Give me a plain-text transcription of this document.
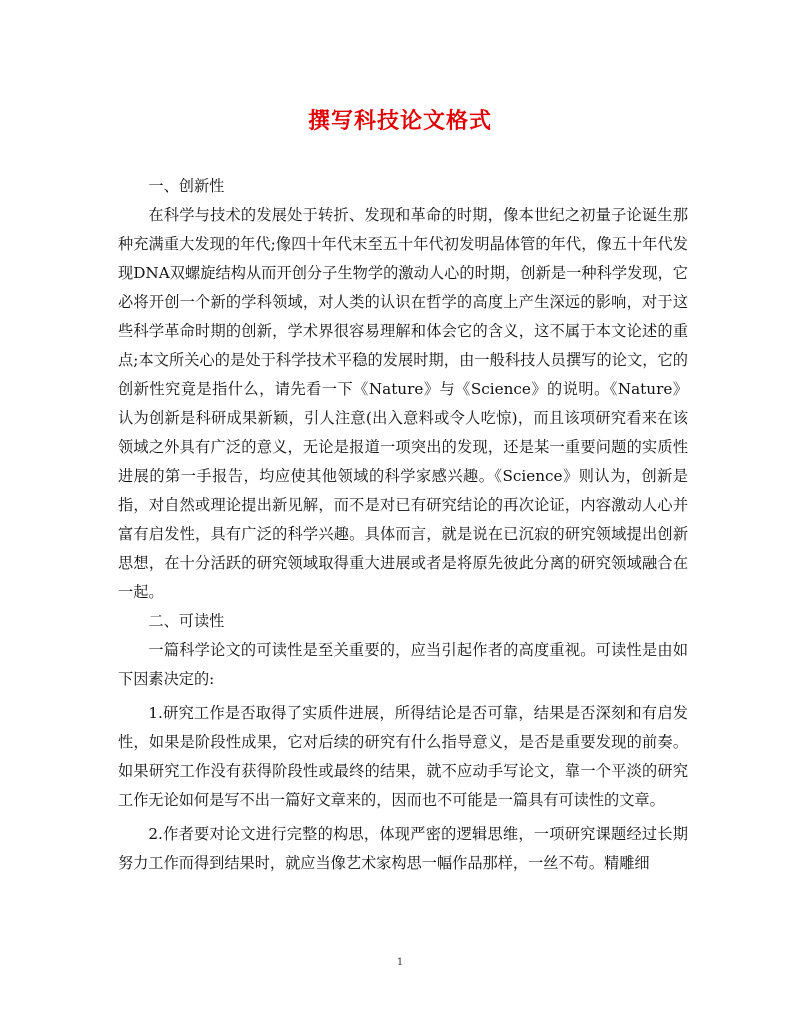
撰写科技论文格式

一、创新性

在科学与技术的发展处于转折、发现和革命的时期，像本世纪之初量子论诞生那种充满重大发现的年代;像四十年代末至五十年代初发明晶体管的年代，像五十年代发现DNA双螺旋结构从而开创分子生物学的激动人心的时期，创新是一种科学发现，它必将开创一个新的学科领域，对人类的认识在哲学的高度上产生深远的影响，对于这些科学革命时期的创新，学术界很容易理解和体会它的含义，这不属于本文论述的重点;本文所关心的是处于科学技术平稳的发展时期，由一般科技人员撰写的论文，它的创新性究竟是指什么，请先看一下《Nature》与《Science》的说明。《Nature》认为创新是科研成果新颖，引人注意(出入意料或令人吃惊)，而且该项研究看来在该领域之外具有广泛的意义，无论是报道一项突出的发现，还是某一重要问题的实质性进展的第一手报告，均应使其他领域的科学家感兴趣。《Science》则认为，创新是指，对自然或理论提出新见解，而不是对已有研究结论的再次论证，内容激动人心并富有启发性，具有广泛的科学兴趣。具体而言，就是说在已沉寂的研究领域提出创新思想，在十分活跃的研究领域取得重大进展或者是将原先彼此分离的研究领域融合在一起。

二、可读性

一篇科学论文的可读性是至关重要的，应当引起作者的高度重视。可读性是由如下因素决定的:

1.研究工作是否取得了实质件进展，所得结论是否可靠，结果是否深刻和有启发性，如果是阶段性成果，它对后续的研究有什么指导意义，是否是重要发现的前奏。如果研究工作没有获得阶段性或最终的结果，就不应动手写论文，靠一个平淡的研究工作无论如何是写不出一篇好文章来的，因而也不可能是一篇具有可读性的文章。

2.作者要对论文进行完整的构思，体现严密的逻辑思维，一项研究课题经过长期努力工作而得到结果时，就应当像艺术家构思一幅作品那样，一丝不苟。精雕细

1
